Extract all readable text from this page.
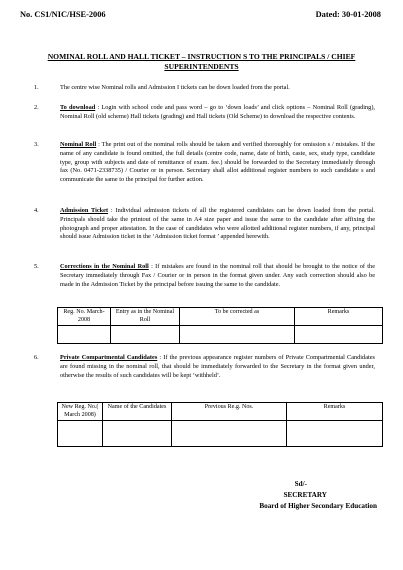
No. CS1/NIC/HSE-2006	Dated: 30-01-2008
NOMINAL ROLL AND HALL TICKET – INSTRUCTION S TO THE PRINCIPALS / CHIEF
SUPERINTENDENTS
1.	The centre wise Nominal rolls and Admission I tickets can be down loaded from the portal.
2.	To download : Login with school code and pass word – go to ‘down loads’ and click options – Nominal Roll (grading), Nominal Roll (old scheme) Hall tickets (grading) and Hall tickets (Old Scheme) to download the respective contents.
3.	Nominal Roll : The print out of the nominal rolls should be taken and verified thoroughly for omission s / mistakes. If the name of any candidate is found omitted, the full details (centre code, name, date of birth, caste, sex, study type, candidate type, group with subjects and date of remittance of exam. fee.) should be forwarded to the Secretary immediately through fax (No. 0471-2338735) / Courier or in person. Secretary shall allot additional register numbers to such candidate s and communicate the same to the principal for further action.
4.	Admission Ticket : Individual admission tickets of all the registered candidates can be down loaded from the portal. Principals should take the printout of the same in A4 size paper and issue the same to the candidate after affixing the photograph and proper attestation. In the case of candidates who were allotted additional register numbers, if any, principal should issue Admission ticket in the ‘Admission ticket format ’ appended herewith.
5.	Corrections in the Nominal Roll : If mistakes are found in the nominal roll that should be brought to the notice of the Secretary immediately through Fax / Courier or in person in the format given under. Any such correction should also be made in the Admission Ticket by the principal before issuing the same to the candidate.
Reg. No. March-2008	Entry as in the Nominal Roll	To be corrected as	Remarks

6.	Private Compartmental Candidates : If the previous appearance register numbers of Private Compartmental Candidates are found missing in the nominal roll, that should be immediately forwarded to the Secretary in the format given under, otherwise the results of such candidates will be kept ‘withheld’.
New Reg. No.( March 2008)	Name of the Candidates	Previous Re.g. Nos.	Remarks

Sd/-
SECRETARY
Board of Higher Secondary Education
